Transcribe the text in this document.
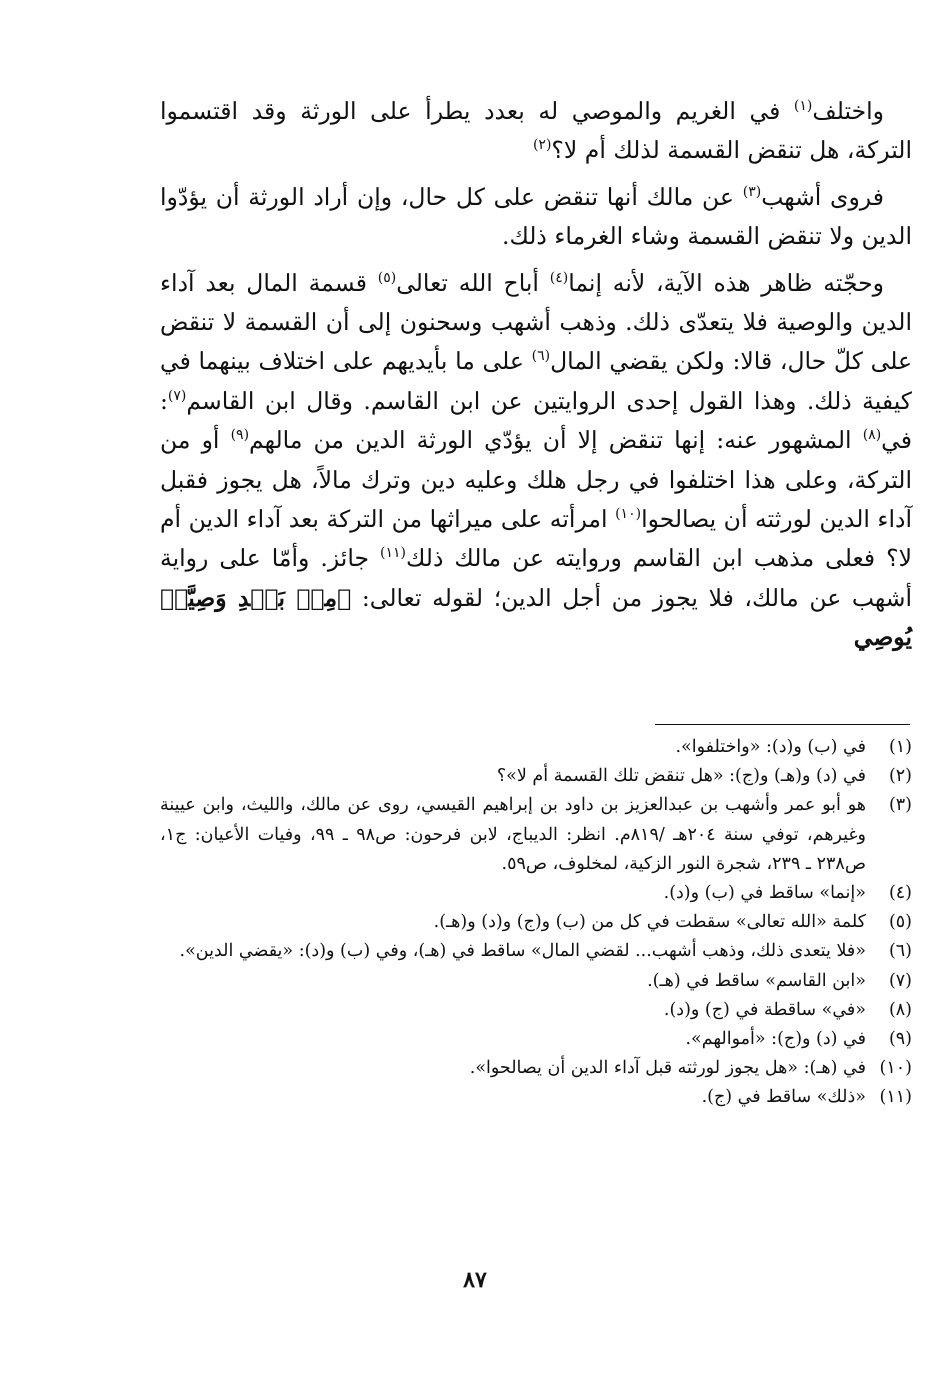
واختلف$^{(١)}$ في الغريم والموصي له بعدد يطرأ على الورثة وقد اقتسموا التركة، هل تنقض القسمة لذلك أم لا؟$^{(٢)}$

فروى أشهب$^{(٣)}$ عن مالك أنها تنقض على كل حال، وإن أراد الورثة أن يؤدّوا الدين ولا تنقض القسمة وشاء الغرماء ذلك.

وحجّته ظاهر هذه الآية، لأنه إنما$^{(٤)}$ أباح الله تعالى$^{(٥)}$ قسمة المال بعد آداء الدين والوصية فلا يتعدّى ذلك. وذهب أشهب وسحنون إلى أن القسمة لا تنقض على كلّ حال، قالا: ولكن يقضي المال$^{(٦)}$ على ما بأيديهم على اختلاف بينهما في كيفية ذلك. وهذا القول إحدى الروايتين عن ابن القاسم. وقال ابن القاسم$^{(٧)}$: في$^{(٨)}$ المشهور عنه: إنها تنقض إلا أن يؤدّي الورثة الدين من مالهم$^{(٩)}$ أو من التركة، وعلى هذا اختلفوا في رجل هلك وعليه دين وترك مالاً، هل يجوز فقبل آداء الدين لورثته أن يصالحوا$^{(١٠)}$ امرأته على ميراثها من التركة بعد آداء الدين أم لا؟ فعلى مذهب ابن القاسم وروايته عن مالك ذلك$^{(١١)}$ جائز. وأمّا على رواية أشهب عن مالك، فلا يجوز من أجل الدين؛ لقوله تعالى: ﴿مِنۢ بَعۡدِ وَصِيَّةٖ يُوصِي

(١)
في (ب) و(د): «واختلفوا».
(٢)
في (د) و(هـ) و(ج): «هل تنقض تلك القسمة أم لا»؟
(٣)
هو أبو عمر وأشهب بن عبدالعزيز بن داود بن إبراهيم القيسي، روى عن مالك، والليث، وابن عيينة وغيرهم، توفي سنة ٢٠٤هـ /٨١٩م. انظر: الديباج، لابن فرحون: ص٩٨ ـ ٩٩، وفيات الأعيان: ج١، ص٢٣٨ ـ ٢٣٩، شجرة النور الزكية، لمخلوف، ص٥٩.
(٤)
«إنما» ساقط في (ب) و(د).
(٥)
كلمة «الله تعالى» سقطت في كل من (ب) و(ج) و(د) و(هـ).
(٦)
«فلا يتعدى ذلك، وذهب أشهب... لقضي المال» ساقط في (هـ)، وفي (ب) و(د): «يقضي الدين».
(٧)
«ابن القاسم» ساقط في (هـ).
(٨)
«في» ساقطة في (ج) و(د).
(٩)
في (د) و(ج): «أموالهم».
(١٠)
في (هـ): «هل يجوز لورثته قبل آداء الدين أن يصالحوا».
(١١)
«ذلك» ساقط في (ج).
٨٧
